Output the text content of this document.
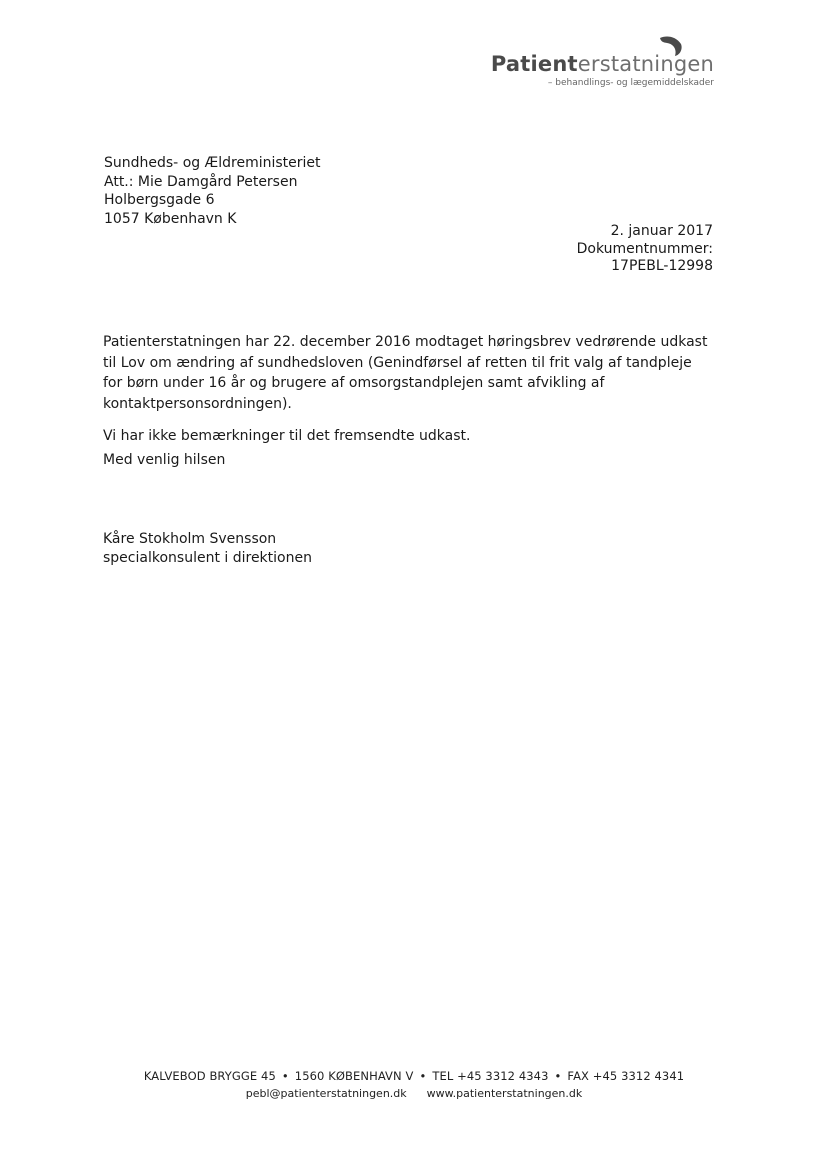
Patienterstatningen
– behandlings- og lægemiddelskader
Sundheds- og Ældreministeriet
Att.: Mie Damgård Petersen
Holbergsgade 6
1057 København K
2. januar 2017
Dokumentnummer:
17PEBL-12998

Patienterstatningen har 22. december 2016 modtaget høringsbrev vedrørende udkast til Lov om ændring af sundhedsloven (Genindførsel af retten til frit valg af tandpleje for børn under 16 år og brugere af omsorgstandplejen samt afvikling af kontaktpersonsordningen).

Vi har ikke bemærkninger til det fremsendte udkast.

Med venlig hilsen
Kåre Stokholm Svensson
specialkonsulent i direktionen
KALVEBOD BRYGGE 45 • 1560 KØBENHAVN V • TEL +45 3312 4343 • FAX +45 3312 4341
pebl@patienterstatningen.dk www.patienterstatningen.dk
